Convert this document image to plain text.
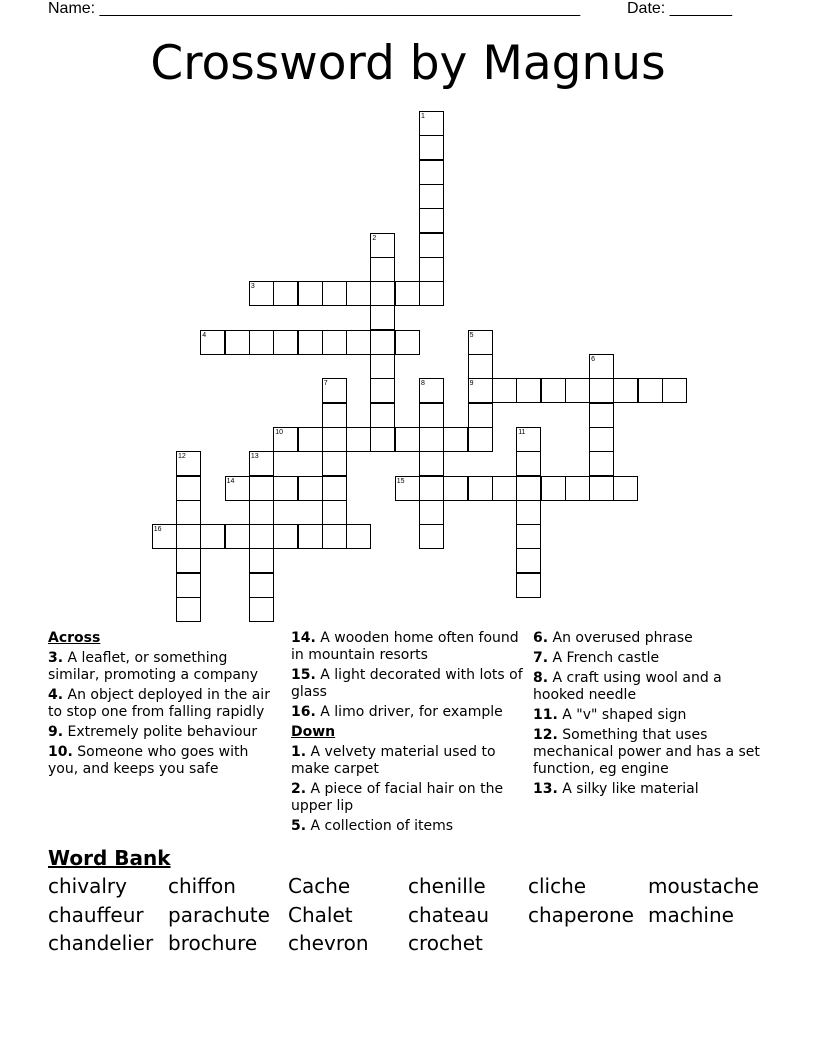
Name: ______________________________________________________	Date: _______
Crossword by Magnus
1
2
3
4	5
6
7	8	9
10	11
12	13
14	15
16
Across
3. A leaflet, or something similar, promoting a company
4. An object deployed in the air to stop one from falling rapidly
9. Extremely polite behaviour
10. Someone who goes with you, and keeps you safe
14. A wooden home often found in mountain resorts
15. A light decorated with lots of glass
16. A limo driver, for example
Down
1. A velvety material used to make carpet
2. A piece of facial hair on the upper lip
5. A collection of items
6. An overused phrase
7. A French castle
8. A craft using wool and a hooked needle
11. A "v" shaped sign
12. Something that uses mechanical power and has a set function, eg engine
13. A silky like material
Word Bank
chivalry chiffon	Cache	chenille cliche	moustache
chauffeur parachute Chalet	chateau chaperone machine
chandelier brochure chevron crochet
